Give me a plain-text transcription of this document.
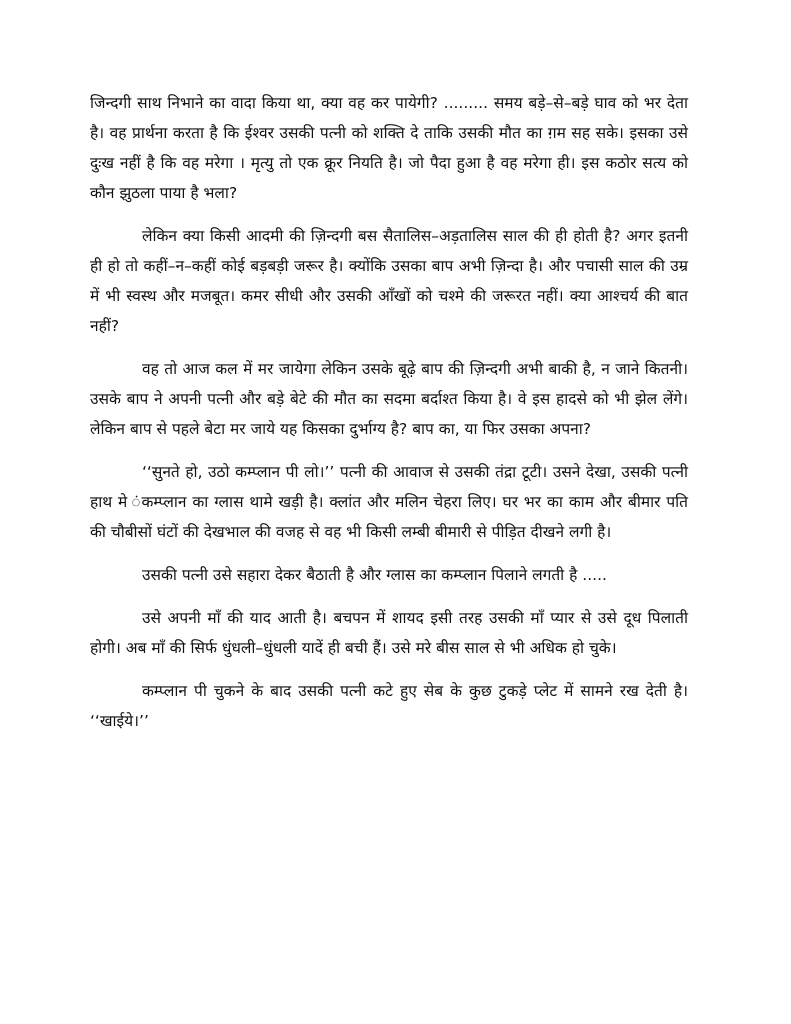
जिन्दगी साथ निभाने का वादा किया था, क्या वह कर पायेगी? ......... समय बड़े–से–बड़े घाव को भर देता है। वह प्रार्थना करता है कि ईश्वर उसकी पत्नी को शक्ति दे ताकि उसकी मौत का ग़म सह सके। इसका उसे दुःख नहीं है कि वह मरेगा । मृत्यु तो एक क्रूर नियति है। जो पैदा हुआ है वह मरेगा ही। इस कठोर सत्य को कौन झुठला पाया है भला?

लेकिन क्या किसी आदमी की ज़िन्दगी बस सैतालिस–अड़तालिस साल की ही होती है? अगर इतनी ही हो तो कहीं–न–कहीं कोई बड़बड़ी जरूर है। क्योंकि उसका बाप अभी ज़िन्दा है। और पचासी साल की उम्र में भी स्वस्थ और मजबूत। कमर सीधी और उसकी आँखों को चश्मे की जरूरत नहीं। क्या आश्चर्य की बात नहीं?

वह तो आज कल में मर जायेगा लेकिन उसके बूढ़े बाप की ज़िन्दगी अभी बाकी है, न जाने कितनी। उसके बाप ने अपनी पत्नी और बड़े बेटे की मौत का सदमा बर्दाश्त किया है। वे इस हादसे को भी झेल लेंगे। लेकिन बाप से पहले बेटा मर जाये यह किसका दुर्भाग्य है? बाप का, या फिर उसका अपना?

‘‘सुनते हो, उठो कम्प्लान पी लो।’’ पत्नी की आवाज से उसकी तंद्रा टूटी। उसने देखा, उसकी पत्नी हाथ मे ंकम्प्लान का ग्लास थामे खड़ी है। क्लांत और मलिन चेहरा लिए। घर भर का काम और बीमार पति की चौबीसों घंटों की देखभाल की वजह से वह भी किसी लम्बी बीमारी से पीड़ित दीखने लगी है।

उसकी पत्नी उसे सहारा देकर बैठाती है और ग्लास का कम्प्लान पिलाने लगती है .....

उसे अपनी माँ की याद आती है। बचपन में शायद इसी तरह उसकी माँ प्यार से उसे दूध पिलाती होगी। अब माँ की सिर्फ धुंधली–धुंधली यादें ही बची हैं। उसे मरे बीस साल से भी अधिक हो चुके।

कम्प्लान पी चुकने के बाद उसकी पत्नी कटे हुए सेब के कुछ टुकड़े प्लेट में सामने रख देती है। ‘‘खाईये।’’
